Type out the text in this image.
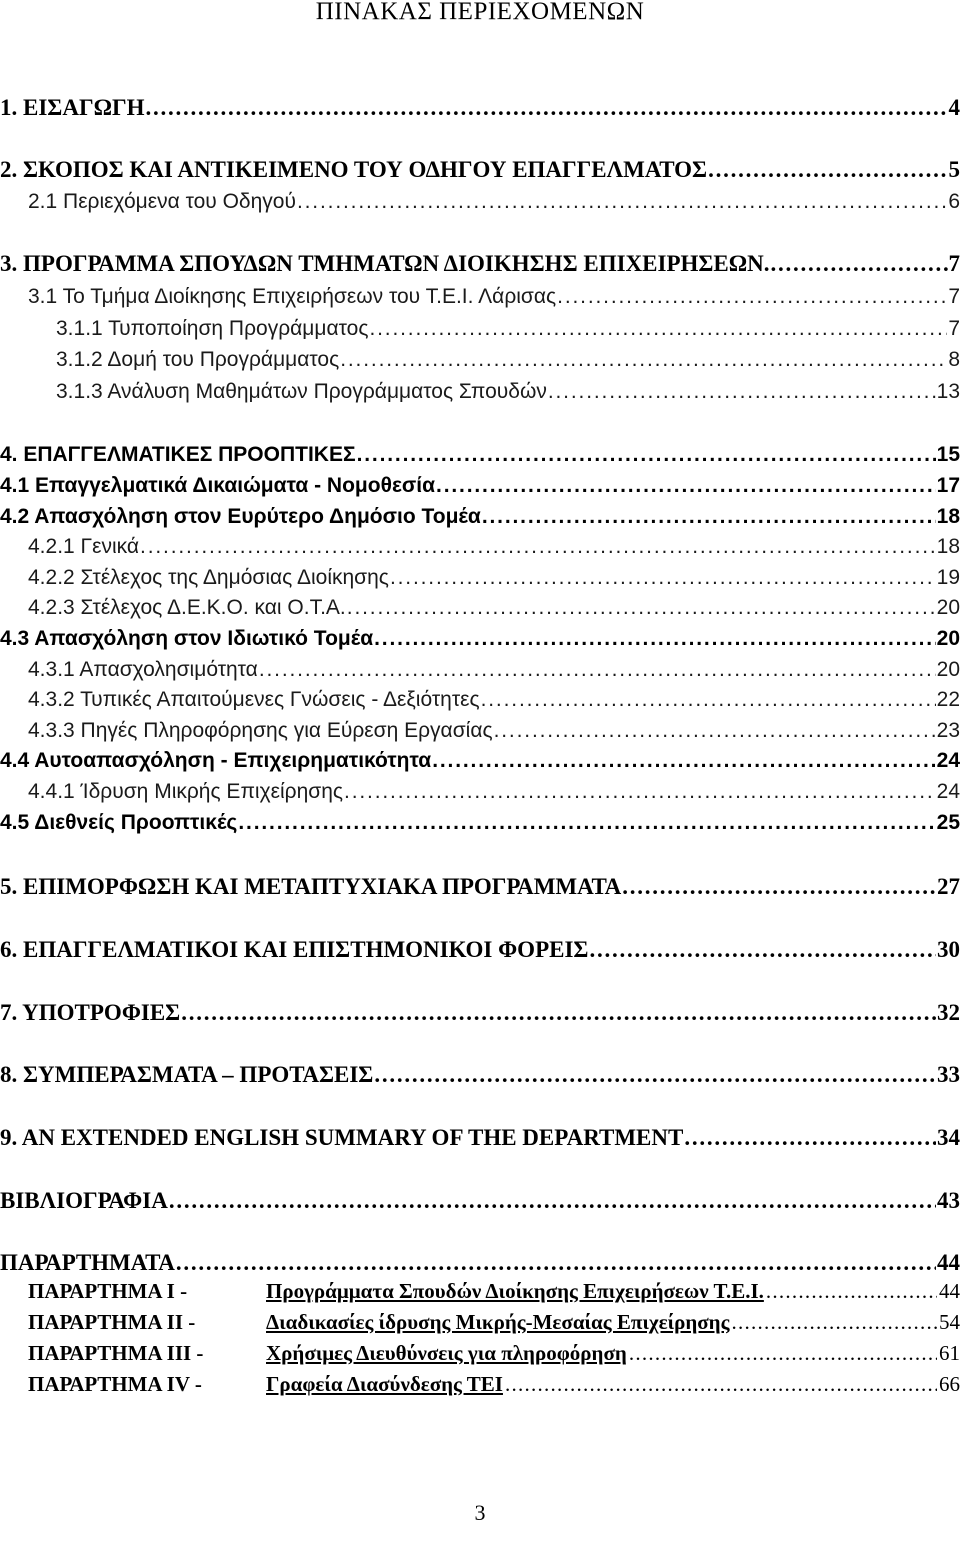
ΠΙΝΑΚΑΣ ΠΕΡΙΕΧΟΜΕΝΩΝ
1. ΕΙΣΑΓΩΓΗ . . .	4
2. ΣΚΟΠΟΣ ΚΑΙ ΑΝΤΙΚΕΙΜΕΝΟ ΤΟΥ ΟΔΗΓΟΥ ΕΠΑΓΓΕΛΜΑΤΟΣ . . .	5
2.1 Περιεχόμενα του Οδηγού . . .	6
3. ΠΡΟΓΡΑΜΜΑ ΣΠΟΥΔΩΝ ΤΜΗΜΑΤΩΝ ΔΙΟΙΚΗΣΗΣ ΕΠΙΧΕΙΡΗΣΕΩΝ. . . .	7
3.1 Το Τμήμα Διοίκησης Επιχειρήσεων του Τ.Ε.Ι. Λάρισας . . .	7
3.1.1 Τυποποίηση Προγράμματος . . .	7
3.1.2 Δομή του Προγράμματος . . .	8
3.1.3 Ανάλυση Μαθημάτων Προγράμματος Σπουδών . . .	13
4. ΕΠΑΓΓΕΛΜΑΤΙΚΕΣ ΠΡΟΟΠΤΙΚΕΣ . . .	15
4.1 Επαγγελματικά Δικαιώματα - Νομοθεσία . . .	17
4.2 Απασχόληση στον Ευρύτερο Δημόσιο Τομέα . . .	18
4.2.1 Γενικά . . .	18
4.2.2 Στέλεχος της Δημόσιας Διοίκησης . . .	19
4.2.3 Στέλεχος Δ.Ε.Κ.Ο. και Ο.Τ.Α. . . .	20
4.3 Απασχόληση στον Ιδιωτικό Τομέα . . .	20
4.3.1 Απασχολησιμότητα . . .	20
4.3.2 Τυπικές Απαιτούμενες Γνώσεις - Δεξιότητες . . .	22
4.3.3 Πηγές Πληροφόρησης για Εύρεση Εργασίας . . .	23
4.4 Αυτοαπασχόληση - Επιχειρηματικότητα . . .	24
4.4.1 Ίδρυση Μικρής Επιχείρησης . . .	24
4.5 Διεθνείς Προοπτικές . . .	25
5. ΕΠΙΜΟΡΦΩΣΗ ΚΑΙ ΜΕΤΑΠΤΥΧΙΑΚΑ ΠΡΟΓΡΑΜΜΑΤΑ . . .	27
6. ΕΠΑΓΓΕΛΜΑΤΙΚΟΙ ΚΑΙ ΕΠΙΣΤΗΜΟΝΙΚΟΙ ΦΟΡΕΙΣ . . .	30
7. ΥΠΟΤΡΟΦΙΕΣ . . .	32
8. ΣΥΜΠΕΡΑΣΜΑΤΑ – ΠΡΟΤΑΣΕΙΣ . . .	33
9. AN EXTENDED ENGLISH SUMMARY OF THE DEPARTMENT . . .	34
ΒΙΒΛΙΟΓΡΑΦΙΑ . . .	43
ΠΑΡΑΡΤΗΜΑΤΑ . . .	44
ΠΑΡΑΡΤΗΜΑ Ι -	Προγράμματα Σπουδών Διοίκησης Επιχειρήσεων Τ.Ε.Ι. . . .	44
ΠΑΡΑΡΤΗΜΑ ΙΙ -	Διαδικασίες ίδρυσης Μικρής-Μεσαίας Επιχείρησης . . .	54
ΠΑΡΑΡΤΗΜΑ ΙΙΙ -	Χρήσιμες Διευθύνσεις για πληροφόρηση . . .	61
ΠΑΡΑΡΤΗΜΑ ΙV -	Γραφεία Διασύνδεσης ΤΕΙ . . .	66
3
